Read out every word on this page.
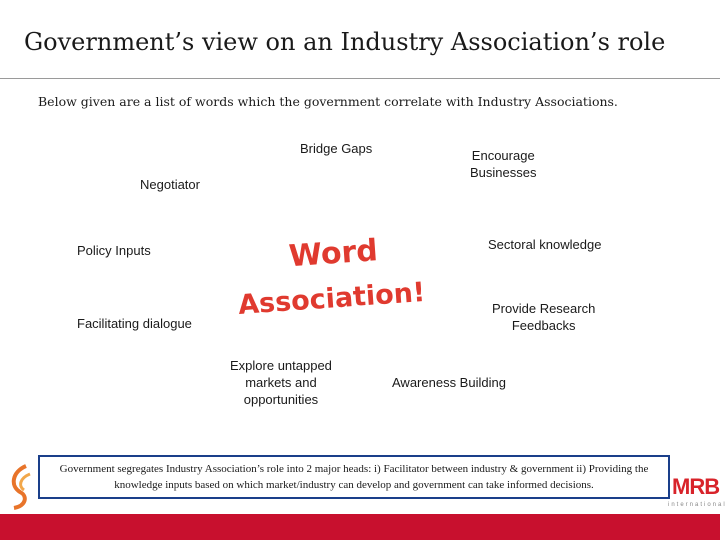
Government’s view on an Industry Association’s role
Below given are a list of words which the government correlate with Industry Associations.
Bridge Gaps	Encourage
Businesses
Negotiator
Policy Inputs	Sectoral knowledge
Facilitating dialogue
Provide Research
Feedbacks
Explore untapped
markets and
opportunities
Awareness Building
Word
Association!
Government segregates Industry Association’s role into 2 major heads: i) Facilitator between industry & government ii) Providing the knowledge inputs based on which market/industry can develop and government can take informed decisions.	MRB
international
